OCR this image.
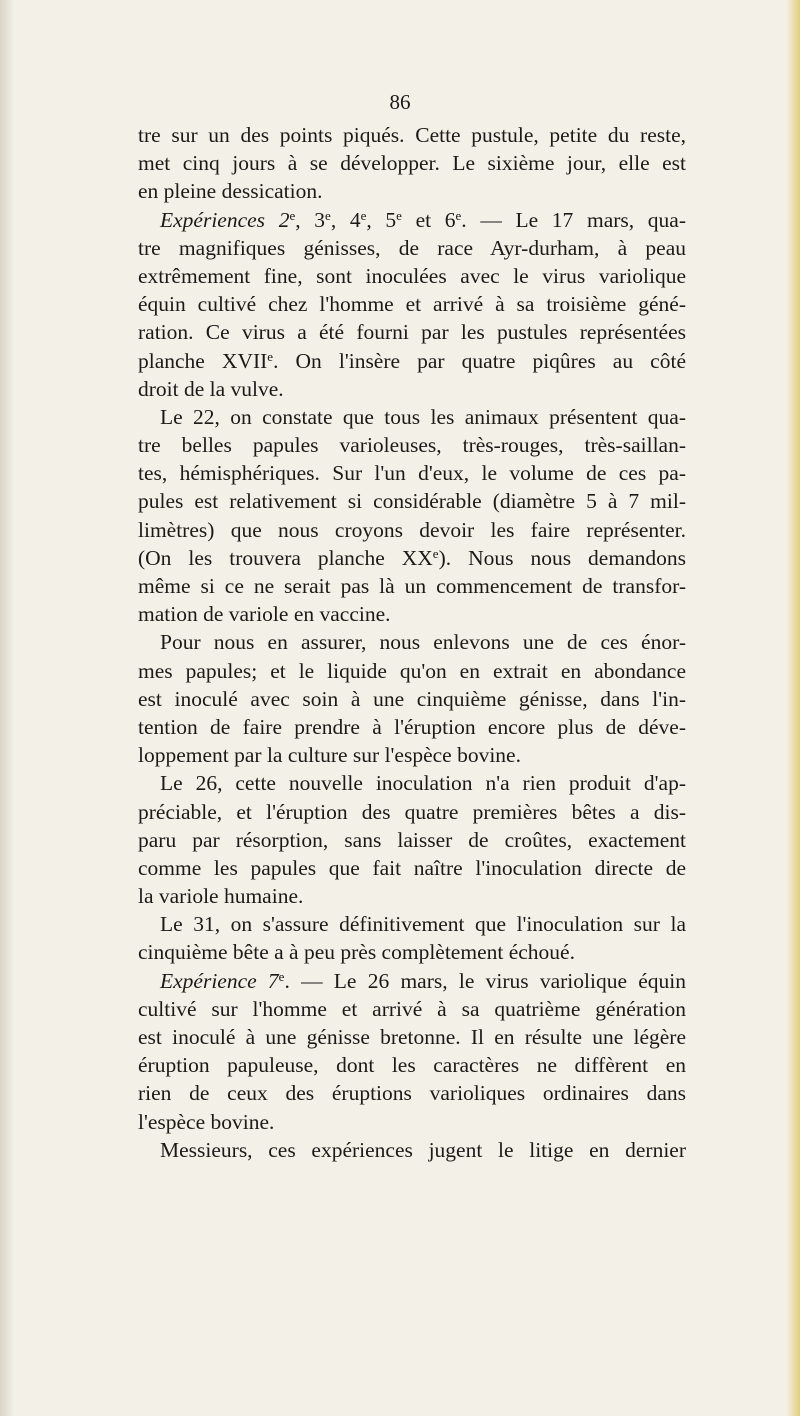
86
tre sur un des points piqués. Cette pustule, petite du reste,
met cinq jours à se développer. Le sixième jour, elle est
en pleine dessication.
Expériences 2e, 3e, 4e, 5e et 6e. — Le 17 mars, qua-
tre magnifiques génisses, de race Ayr-durham, à peau
extrêmement fine, sont inoculées avec le virus variolique
équin cultivé chez l'homme et arrivé à sa troisième géné-
ration. Ce virus a été fourni par les pustules représentées
planche XVIIe. On l'insère par quatre piqûres au côté
droit de la vulve.
Le 22, on constate que tous les animaux présentent qua-
tre belles papules varioleuses, très-rouges, très-saillan-
tes, hémisphériques. Sur l'un d'eux, le volume de ces pa-
pules est relativement si considérable (diamètre 5 à 7 mil-
limètres) que nous croyons devoir les faire représenter.
(On les trouvera planche XXe). Nous nous demandons
même si ce ne serait pas là un commencement de transfor-
mation de variole en vaccine.
Pour nous en assurer, nous enlevons une de ces énor-
mes papules; et le liquide qu'on en extrait en abondance
est inoculé avec soin à une cinquième génisse, dans l'in-
tention de faire prendre à l'éruption encore plus de déve-
loppement par la culture sur l'espèce bovine.
Le 26, cette nouvelle inoculation n'a rien produit d'ap-
préciable, et l'éruption des quatre premières bêtes a dis-
paru par résorption, sans laisser de croûtes, exactement
comme les papules que fait naître l'inoculation directe de
la variole humaine.
Le 31, on s'assure définitivement que l'inoculation sur la
cinquième bête a à peu près complètement échoué.
Expérience 7e. — Le 26 mars, le virus variolique équin
cultivé sur l'homme et arrivé à sa quatrième génération
est inoculé à une génisse bretonne. Il en résulte une légère
éruption papuleuse, dont les caractères ne diffèrent en
rien de ceux des éruptions varioliques ordinaires dans
l'espèce bovine.
Messieurs, ces expériences jugent le litige en dernier
